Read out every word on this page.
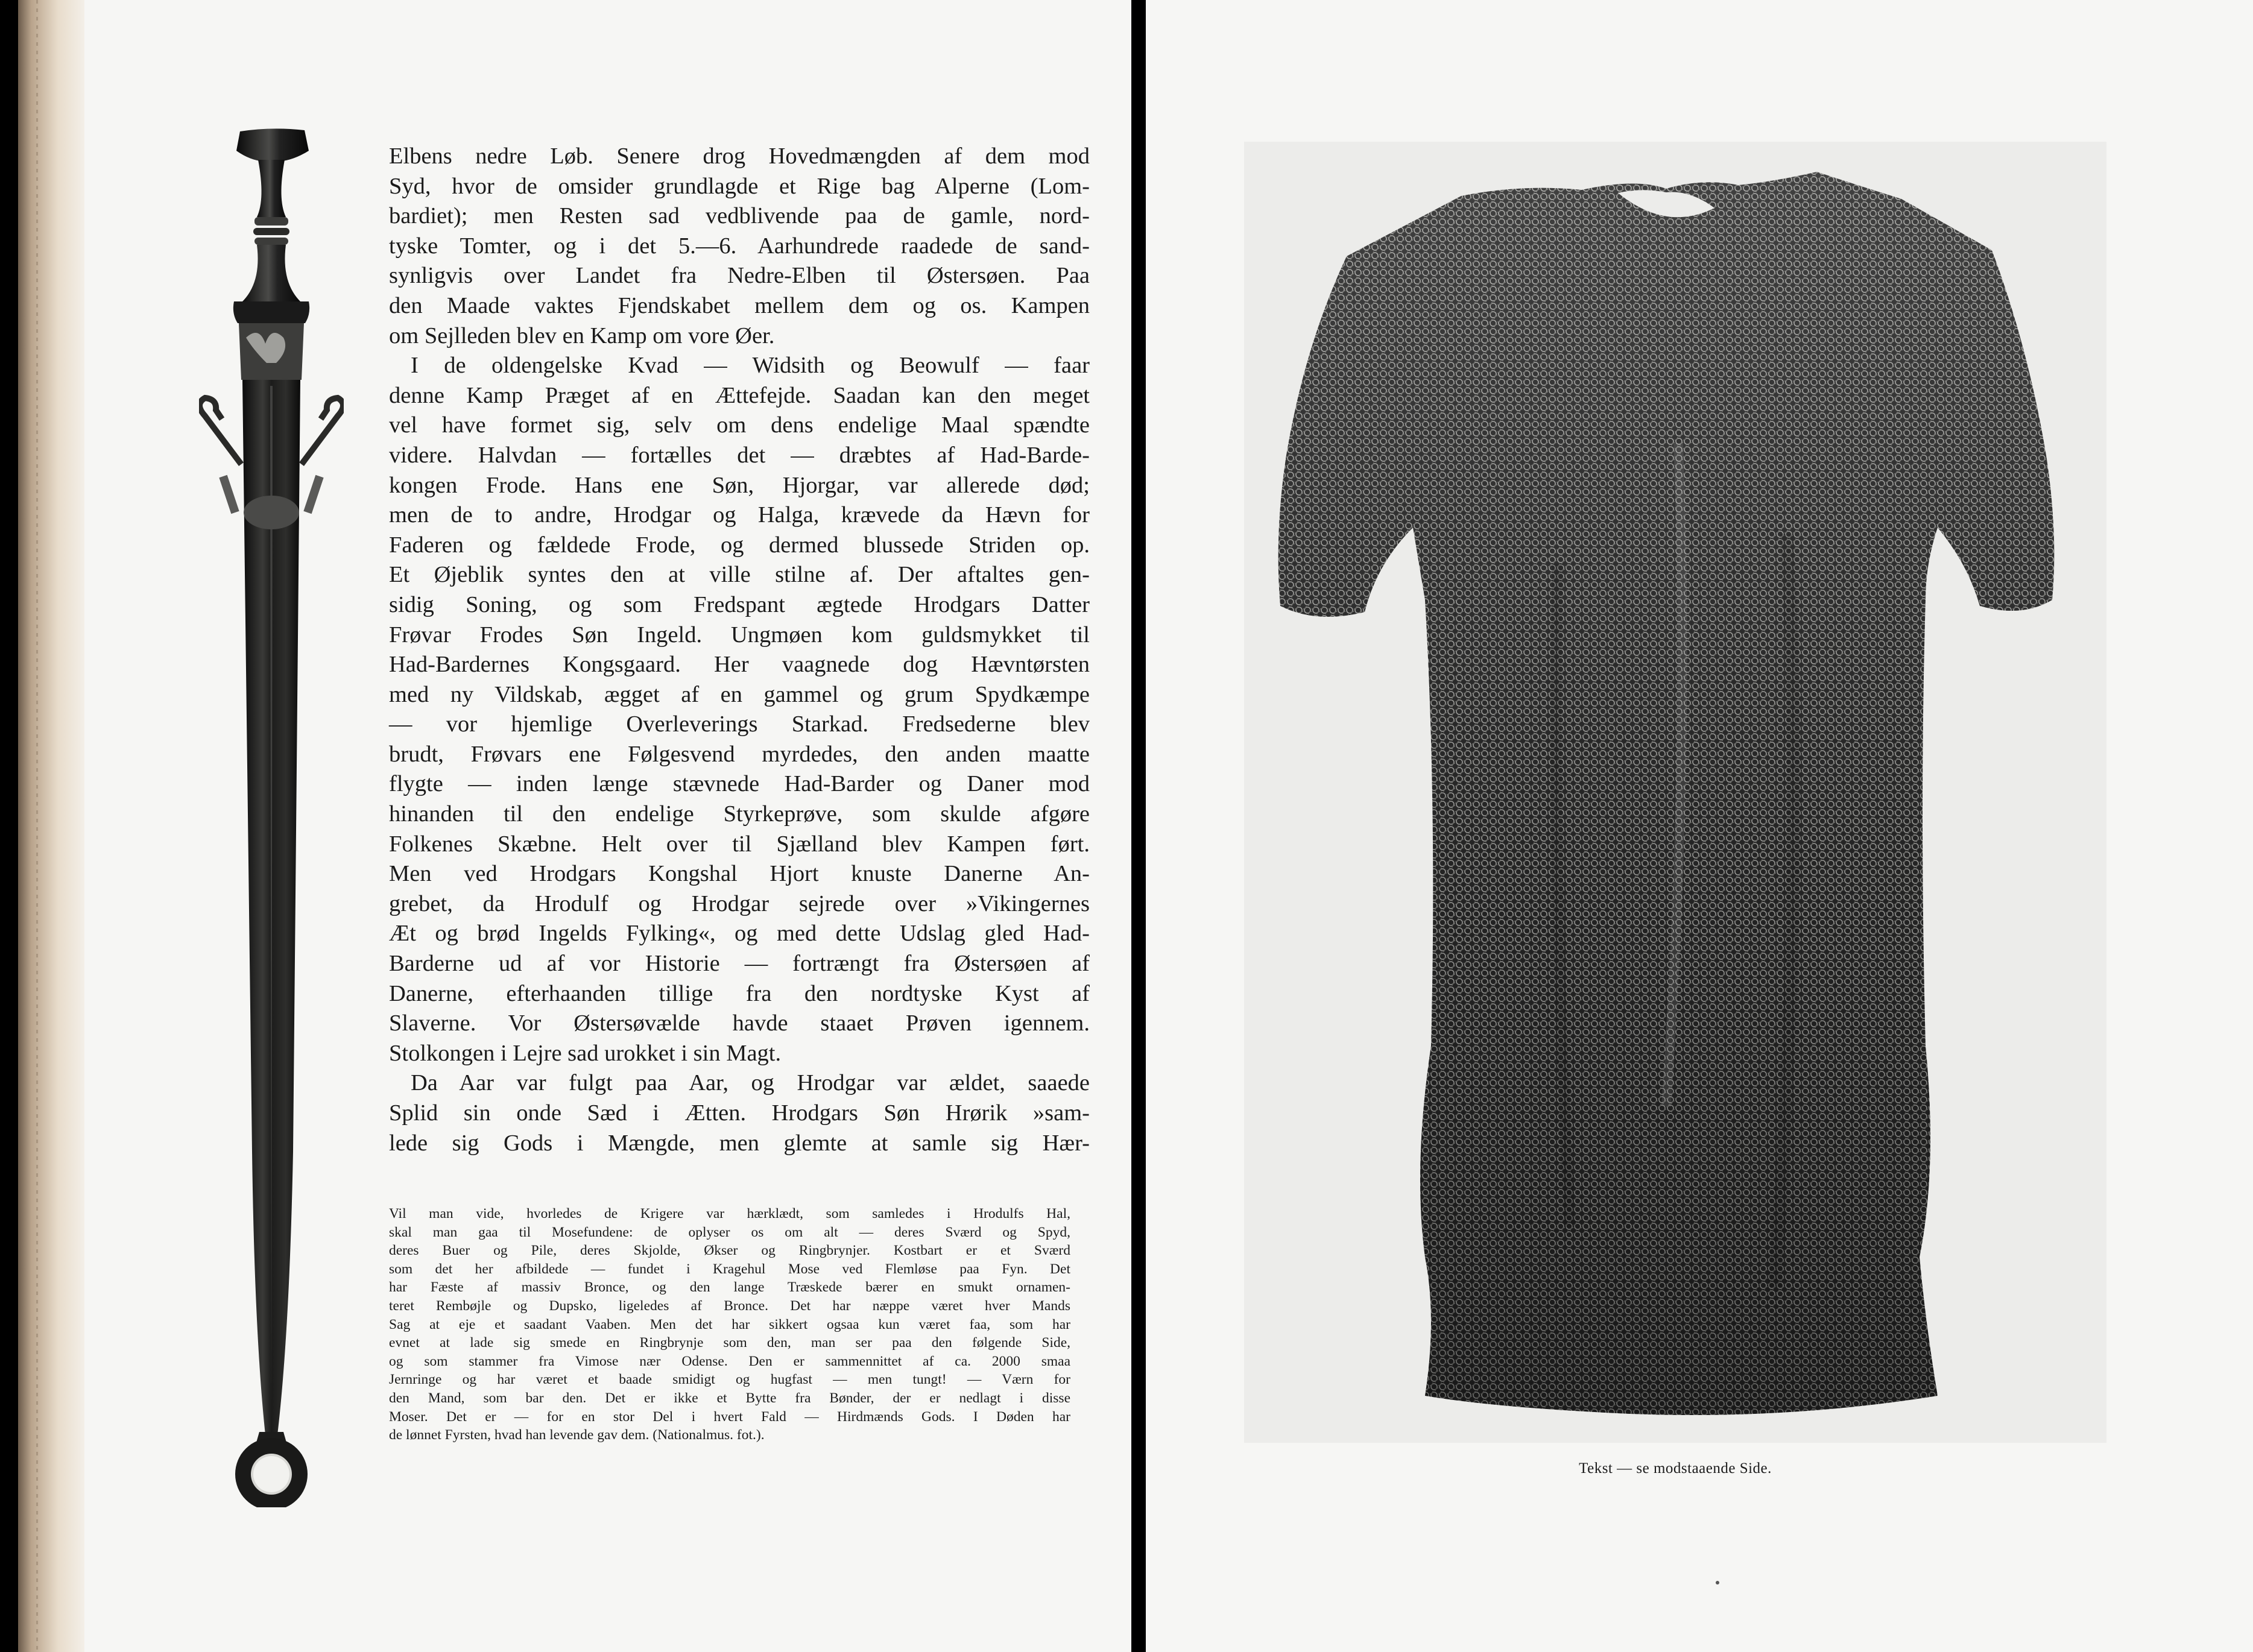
Elbens nedre Løb. Senere drog Hovedmængden af dem mod

Syd, hvor de omsider grundlagde et Rige bag Alperne (Lom-

bardiet); men Resten sad vedblivende paa de gamle, nord-

tyske Tomter, og i det 5.—6. Aarhundrede raadede de sand-

synligvis over Landet fra Nedre-Elben til Østersøen. Paa

den Maade vaktes Fjendskabet mellem dem og os. Kampen

om Sejlleden blev en Kamp om vore Øer.

I de oldengelske Kvad — Widsith og Beowulf — faar

denne Kamp Præget af en Ættefejde. Saadan kan den meget

vel have formet sig, selv om dens endelige Maal spændte

videre. Halvdan — fortælles det — dræbtes af Had-Barde-

kongen Frode. Hans ene Søn, Hjorgar, var allerede død;

men de to andre, Hrodgar og Halga, krævede da Hævn for

Faderen og fældede Frode, og dermed blussede Striden op.

Et Øjeblik syntes den at ville stilne af. Der aftaltes gen-

sidig Soning, og som Fredspant ægtede Hrodgars Datter

Frøvar Frodes Søn Ingeld. Ungmøen kom guldsmykket til

Had-Bardernes Kongsgaard. Her vaagnede dog Hævntørsten

med ny Vildskab, ægget af en gammel og grum Spydkæmpe

— vor hjemlige Overleverings Starkad. Fredsederne blev

brudt, Frøvars ene Følgesvend myrdedes, den anden maatte

flygte — inden længe stævnede Had-Barder og Daner mod

hinanden til den endelige Styrkeprøve, som skulde afgøre

Folkenes Skæbne. Helt over til Sjælland blev Kampen ført.

Men ved Hrodgars Kongshal Hjort knuste Danerne An-

grebet, da Hrodulf og Hrodgar sejrede over »Vikingernes

Æt og brød Ingelds Fylking«, og med dette Udslag gled Had-

Barderne ud af vor Historie — fortrængt fra Østersøen af

Danerne, efterhaanden tillige fra den nordtyske Kyst af

Slaverne. Vor Østersøvælde havde staaet Prøven igennem.

Stolkongen i Lejre sad urokket i sin Magt.

Da Aar var fulgt paa Aar, og Hrodgar var ældet, saaede

Splid sin onde Sæd i Ætten. Hrodgars Søn Hrørik »sam-

lede sig Gods i Mængde, men glemte at samle sig Hær-

Vil man vide, hvorledes de Krigere var hærklædt, som samledes i Hrodulfs Hal,

skal man gaa til Mosefundene: de oplyser os om alt — deres Sværd og Spyd,

deres Buer og Pile, deres Skjolde, Økser og Ringbrynjer. Kostbart er et Sværd

som det her afbildede — fundet i Kragehul Mose ved Flemløse paa Fyn. Det

har Fæste af massiv Bronce, og den lange Træskede bærer en smukt ornamen-

teret Rembøjle og Dupsko, ligeledes af Bronce. Det har næppe været hver Mands

Sag at eje et saadant Vaaben. Men det har sikkert ogsaa kun været faa, som har

evnet at lade sig smede en Ringbrynje som den, man ser paa den følgende Side,

og som stammer fra Vimose nær Odense. Den er sammennittet af ca. 2000 smaa

Jernringe og har været et baade smidigt og hugfast — men tungt! — Værn for

den Mand, som bar den. Det er ikke et Bytte fra Bønder, der er nedlagt i disse

Moser. Det er — for en stor Del i hvert Fald — Hirdmænds Gods. I Døden har

de lønnet Fyrsten, hvad han levende gav dem. (Nationalmus. fot.).

Tekst — se modstaaende Side.
